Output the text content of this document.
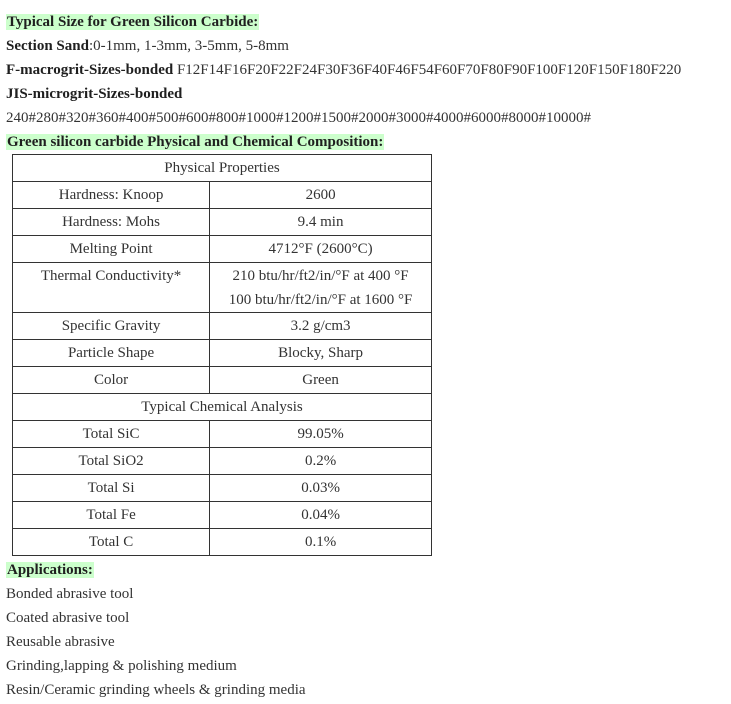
Typical Size for Green Silicon Carbide:
Section Sand:0-1mm, 1-3mm, 3-5mm, 5-8mm
F-macrogrit-Sizes-bonded F12F14F16F20F22F24F30F36F40F46F54F60F70F80F90F100F120F150F180F220
JIS-microgrit-Sizes-bonded
240#280#320#360#400#500#600#800#1000#1200#1500#2000#3000#4000#6000#8000#10000#
Green silicon carbide Physical and Chemical Composition:
Physical Properties	
Hardness: Knoop	2600
Hardness: Mohs	9.4 min
Melting Point	4712°F (2600°C)
Thermal Conductivity*	210 btu/hr/ft2/in/°F at 400 °F
100 btu/hr/ft2/in/°F at 1600 °F

Specific Gravity	3.2 g/cm3
Particle Shape	Blocky, Sharp
Color	Green
Typical Chemical Analysis	
Total SiC	99.05%
Total SiO2	0.2%
Total Si	0.03%
Total Fe	0.04%
Total C	0.1%
Applications:
Bonded abrasive tool
Coated abrasive tool
Reusable abrasive
Grinding,lapping & polishing medium
Resin/Ceramic grinding wheels & grinding media
